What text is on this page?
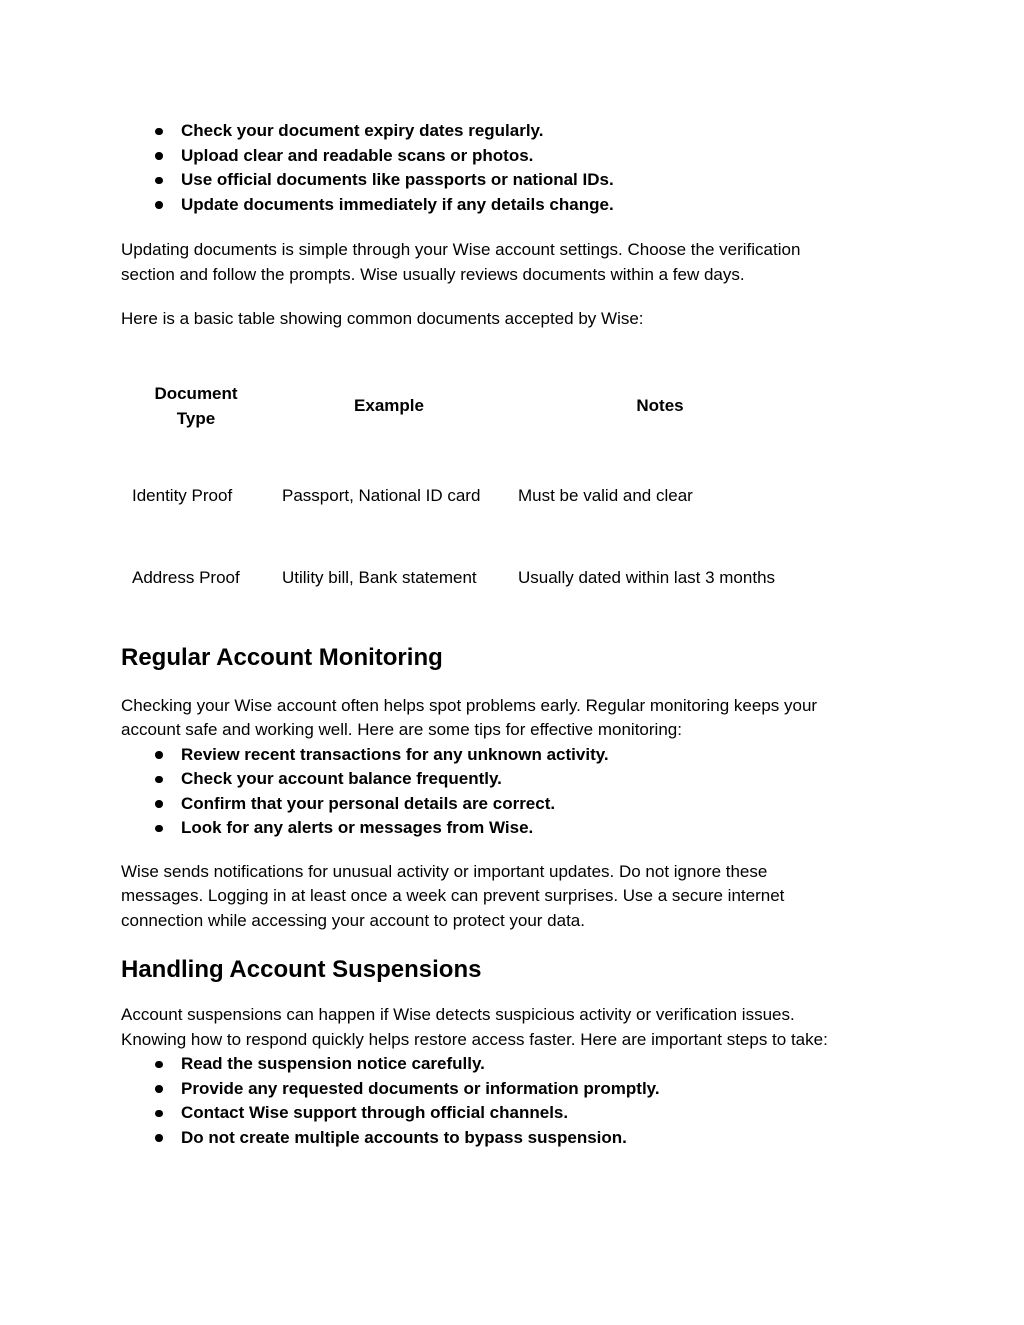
Check your document expiry dates regularly.
Upload clear and readable scans or photos.
Use official documents like passports or national IDs.
Update documents immediately if any details change.
Updating documents is simple through your Wise account settings. Choose the verification
section and follow the prompts. Wise usually reviews documents within a few days.
Here is a basic table showing common documents accepted by Wise:
Document Type	Example	Notes
Identity Proof	Passport, National ID card	Must be valid and clear
Address Proof	Utility bill, Bank statement	Usually dated within last 3 months
Regular Account Monitoring
Checking your Wise account often helps spot problems early. Regular monitoring keeps your
account safe and working well. Here are some tips for effective monitoring:
Review recent transactions for any unknown activity.
Check your account balance frequently.
Confirm that your personal details are correct.
Look for any alerts or messages from Wise.
Wise sends notifications for unusual activity or important updates. Do not ignore these
messages. Logging in at least once a week can prevent surprises. Use a secure internet
connection while accessing your account to protect your data.
Handling Account Suspensions
Account suspensions can happen if Wise detects suspicious activity or verification issues.
Knowing how to respond quickly helps restore access faster. Here are important steps to take:
Read the suspension notice carefully.
Provide any requested documents or information promptly.
Contact Wise support through official channels.
Do not create multiple accounts to bypass suspension.
